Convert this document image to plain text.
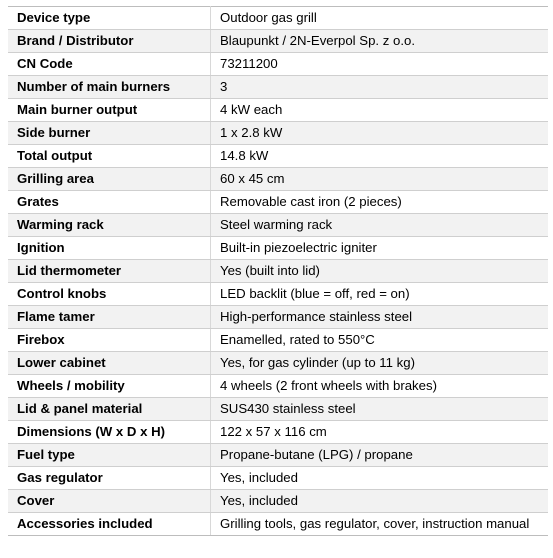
Device type	Outdoor gas grill
Brand / Distributor	Blaupunkt / 2N-Everpol Sp. z o.o.
CN Code	73211200
Number of main burners	3
Main burner output	4 kW each
Side burner	1 x 2.8 kW
Total output	14.8 kW
Grilling area	60 x 45 cm
Grates	Removable cast iron (2 pieces)
Warming rack	Steel warming rack
Ignition	Built-in piezoelectric igniter
Lid thermometer	Yes (built into lid)
Control knobs	LED backlit (blue = off, red = on)
Flame tamer	High-performance stainless steel
Firebox	Enamelled, rated to 550°C
Lower cabinet	Yes, for gas cylinder (up to 11 kg)
Wheels / mobility	4 wheels (2 front wheels with brakes)
Lid & panel material	SUS430 stainless steel
Dimensions (W x D x H)	122 x 57 x 116 cm
Fuel type	Propane-butane (LPG) / propane
Gas regulator	Yes, included
Cover	Yes, included
Accessories included	Grilling tools, gas regulator, cover, instruction manual
